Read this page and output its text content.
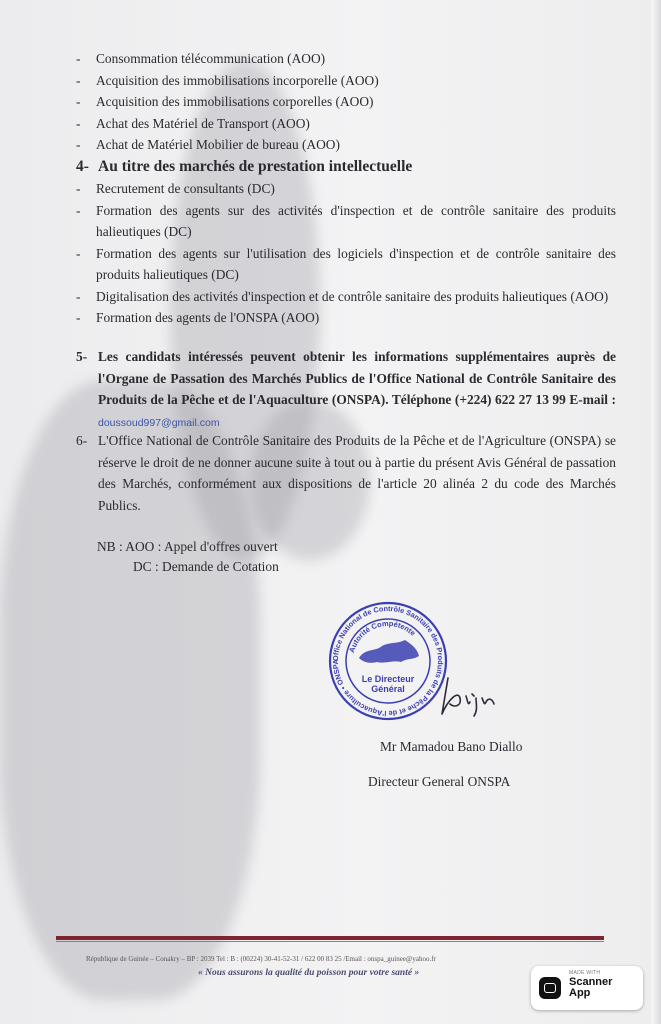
-	Consommation télécommunication (AOO)
-	Acquisition des immobilisations incorporelle (AOO)
-	Acquisition des immobilisations corporelles (AOO)
-	Achat des Matériel de Transport (AOO)
-	Achat de Matériel Mobilier de bureau (AOO)
4- Au titre des marchés de prestation intellectuelle
-	Recrutement de consultants (DC)
-	Formation des agents sur des activités d'inspection et de contrôle sanitaire des produits halieutiques (DC)
-	Formation des agents sur l'utilisation des logiciels d'inspection et de contrôle sanitaire des produits halieutiques (DC)
-	Digitalisation des activités d'inspection et de contrôle sanitaire des produits halieutiques (AOO)
-	Formation des agents de l'ONSPA (AOO)
5- Les candidats intéressés peuvent obtenir les informations supplémentaires auprès de l'Organe de Passation des Marchés Publics de l'Office National de Contrôle Sanitaire des Produits de la Pêche et de l'Aquaculture (ONSPA). Téléphone (+224) 622 27 13 99 E-mail : doussoud997@gmail.com
6- L'Office National de Contrôle Sanitaire des Produits de la Pêche et de l'Agriculture (ONSPA) se réserve le droit de ne donner aucune suite à tout ou à partie du présent Avis Général de passation des Marchés, conformément aux dispositions de l'article 20 alinéa 2 du code des Marchés Publics.
NB : AOO : Appel d'offres ouvert
DC : Demande de Cotation
Office National de Contrôle Sanitaire des Produits de la Pêche et de l'Aquaculture • ONSPA
Autorité Compétente
Le Directeur
Général
Mr Mamadou Bano Diallo
Directeur General ONSPA
République de Guinée – Conakry – BP : 2039 Tel : B : (00224) 30-41-52-31 / 622 00 83 25 /Email : onspa_guinee@yahoo.fr
« Nous assurons la qualité du poisson pour votre santé »	MADE WITH
Scanner
App
